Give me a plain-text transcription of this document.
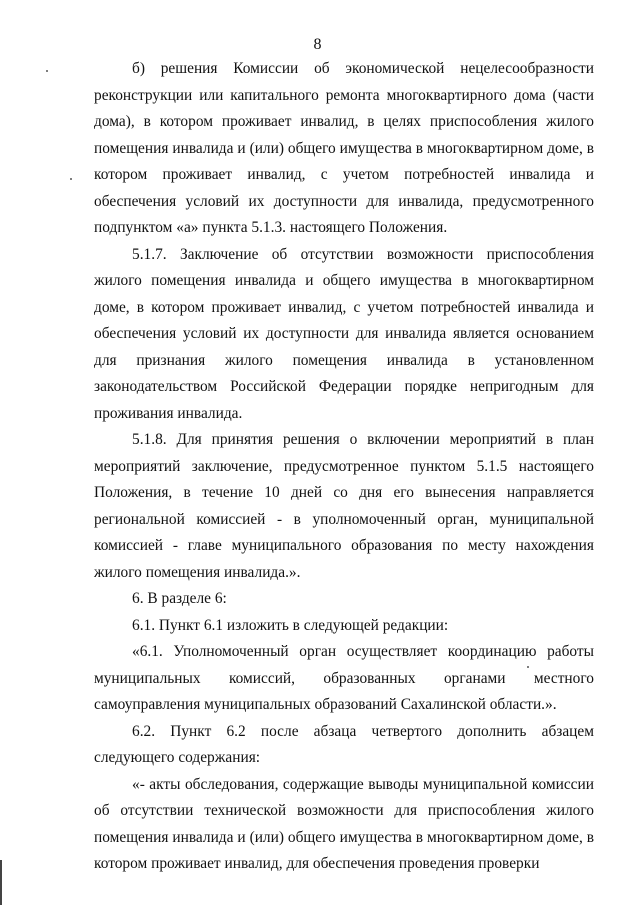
8

б) решения Комиссии об экономической нецелесообразности реконструкции или капитального ремонта многоквартирного дома (части дома), в котором проживает инвалид, в целях приспособления жилого помещения инвалида и (или) общего имущества в многоквартирном доме, в котором проживает инвалид, с учетом потребностей инвалида и обеспечения условий их доступности для инвалида, предусмотренного подпунктом «а» пункта 5.1.3. настоящего Положения.

5.1.7. Заключение об отсутствии возможности приспособления жилого помещения инвалида и общего имущества в многоквартирном доме, в котором проживает инвалид, с учетом потребностей инвалида и обеспечения условий их доступности для инвалида является основанием для признания жилого помещения инвалида в установленном законодательством Российской Федерации порядке непригодным для проживания инвалида.

5.1.8. Для принятия решения о включении мероприятий в план мероприятий заключение, предусмотренное пунктом 5.1.5 настоящего Положения, в течение 10 дней со дня его вынесения направляется региональной комиссией - в уполномоченный орган, муниципальной комиссией - главе муниципального образования по месту нахождения жилого помещения инвалида.».

6. В разделе 6:

6.1. Пункт 6.1 изложить в следующей редакции:

«6.1. Уполномоченный орган осуществляет координацию работы муниципальных комиссий, образованных органами местного самоуправления муниципальных образований Сахалинской области.».

6.2. Пункт 6.2 после абзаца четвертого дополнить абзацем следующего содержания:

«- акты обследования, содержащие выводы муниципальной комиссии об отсутствии технической возможности для приспособления жилого помещения инвалида и (или) общего имущества в многоквартирном доме, в котором проживает инвалид, для обеспечения проведения проверки
